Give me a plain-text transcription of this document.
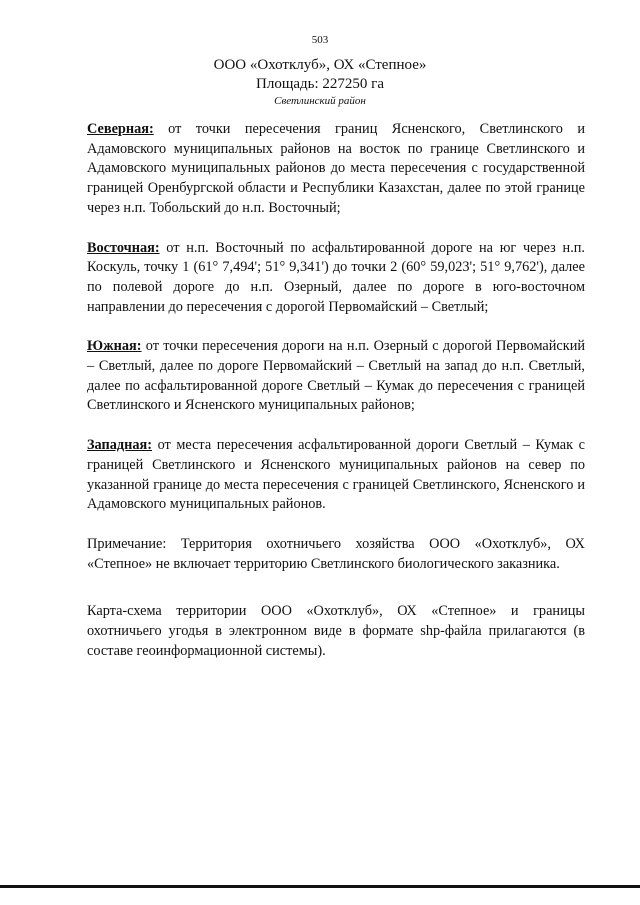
503
ООО «Охотклуб», ОХ «Степное»
Площадь: 227250 га
Светлинский район

Северная: от точки пересечения границ Ясненского, Светлинского и Адамовского муниципальных районов на восток по границе Светлинского и Адамовского муниципальных районов до места пересечения с государственной границей Оренбургской области и Республики Казахстан, далее по этой границе через н.п. Тобольский до н.п. Восточный;

Восточная: от н.п. Восточный по асфальтированной дороге на юг через н.п. Коскуль, точку 1 (61° 7,494'; 51° 9,341') до точки 2 (60° 59,023'; 51° 9,762'), далее по полевой дороге до н.п. Озерный, далее по дороге в юго-восточном направлении до пересечения с дорогой Первомайский – Светлый;

Южная: от точки пересечения дороги на н.п. Озерный с дорогой Первомайский – Светлый, далее по дороге Первомайский – Светлый на запад до н.п. Светлый, далее по асфальтированной дороге Светлый – Кумак до пересечения с границей Светлинского и Ясненского муниципальных районов;

Западная: от места пересечения асфальтированной дороги Светлый – Кумак с границей Светлинского и Ясненского муниципальных районов на север по указанной границе до места пересечения с границей Светлинского, Ясненского и Адамовского муниципальных районов.

Примечание: Территория охотничьего хозяйства ООО «Охотклуб», ОХ «Степное» не включает территорию Светлинского биологического заказника.

Карта-схема территории ООО «Охотклуб», ОХ «Степное» и границы охотничьего угодья в электронном виде в формате shp-файла прилагаются (в составе геоинформационной системы).
